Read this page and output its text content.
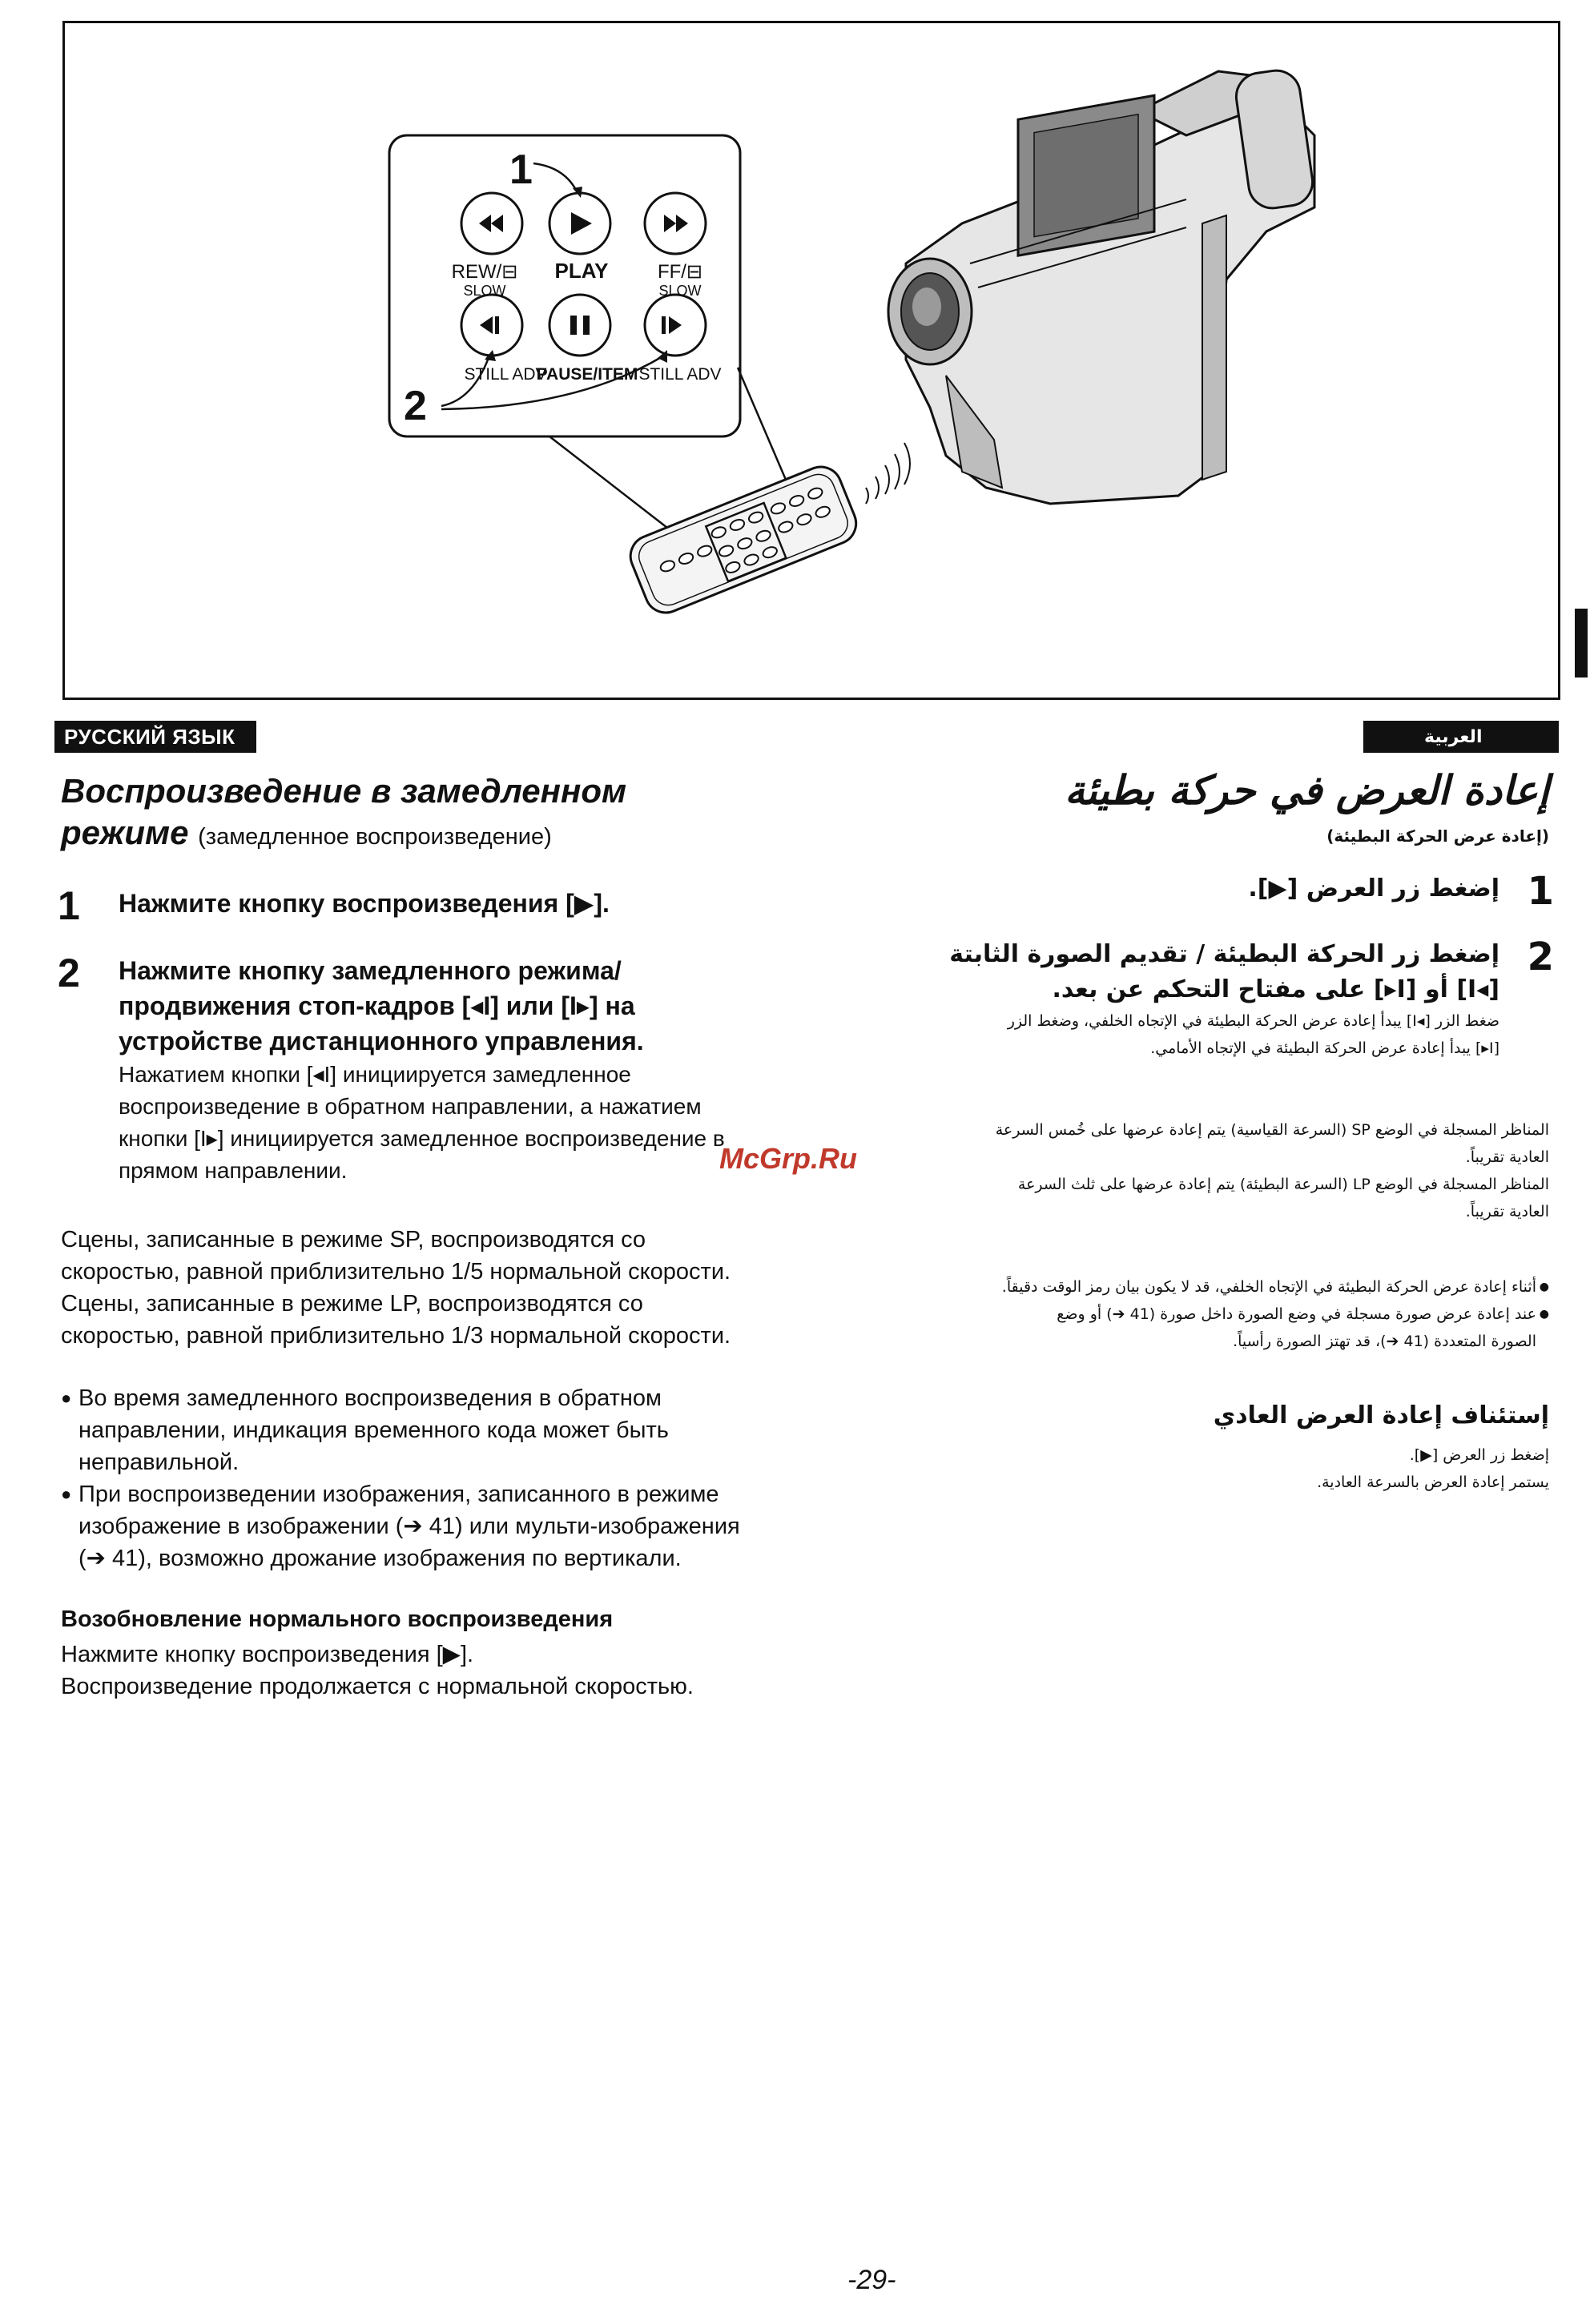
REW/⊟
SLOW
PLAY	FF/⊟
SLOW
STILL ADV
PAUSE/ITEM STILL ADV
1
2
РУССКИЙ ЯЗЫК
Воспроизведение в замедленном
режиме (замедленное воспроизведение)
1 Нажмите кнопку воспроизведения [▶].
2 Нажмите кнопку замедленного режима/
продвижения стоп-кадров [◂I] или [I▸] на
устройстве дистанционного управления.
Нажатием кнопки [◂I] инициируется замедленное
воспроизведение в обратном направлении, а нажатием
кнопки [I▸] инициируется замедленное воспроизведение в
прямом направлении.
Сцены, записанные в режиме SP, воспроизводятся со
скоростью, равной приблизительно 1/5 нормальной скорости.
Сцены, записанные в режиме LP, воспроизводятся со
скоростью, равной приблизительно 1/3 нормальной скорости.
● Во время замедленного воспроизведения в обратном
направлении, индикация временного кода может быть
неправильной.
● При воспроизведении изображения, записанного в режиме
изображение в изображении (➔ 41) или мульти-изображения
(➔ 41), возможно дрожание изображения по вертикали.
Возобновление нормального воспроизведения
Нажмите кнопку воспроизведения [▶].
Воспроизведение продолжается с нормальной скоростью.
McGrp.Ru
العربية
إعادة العرض في حركة بطيئة
(إعادة عرض الحركة البطيئة)
1
إضغط زر العرض [▶].
2
إضغط زر الحركة البطيئة / تقديم الصورة الثابتة
[◂I] أو [I▸] على مفتاح التحكم عن بعد.
ضغط الزر [◂I] يبدأ إعادة عرض الحركة البطيئة في الإتجاه الخلفي، وضغط الزر
[I▸] يبدأ إعادة عرض الحركة البطيئة في الإتجاه الأمامي.
المناظر المسجلة في الوضع SP (السرعة القياسية) يتم إعادة عرضها على خُمس السرعة
العادية تقريباً.
المناظر المسجلة في الوضع LP (السرعة البطيئة) يتم إعادة عرضها على ثلث السرعة
العادية تقريباً.
● أثناء إعادة عرض الحركة البطيئة في الإتجاه الخلفي، قد لا يكون بيان رمز الوقت دقيقاً.
● عند إعادة عرض صورة مسجلة في وضع الصورة داخل صورة (41 ➔) أو وضع
الصورة المتعددة (41 ➔)، قد تهتز الصورة رأسياً.
إستئناف إعادة العرض العادي
إضغط زر العرض [▶].
يستمر إعادة العرض بالسرعة العادية.
-29-
